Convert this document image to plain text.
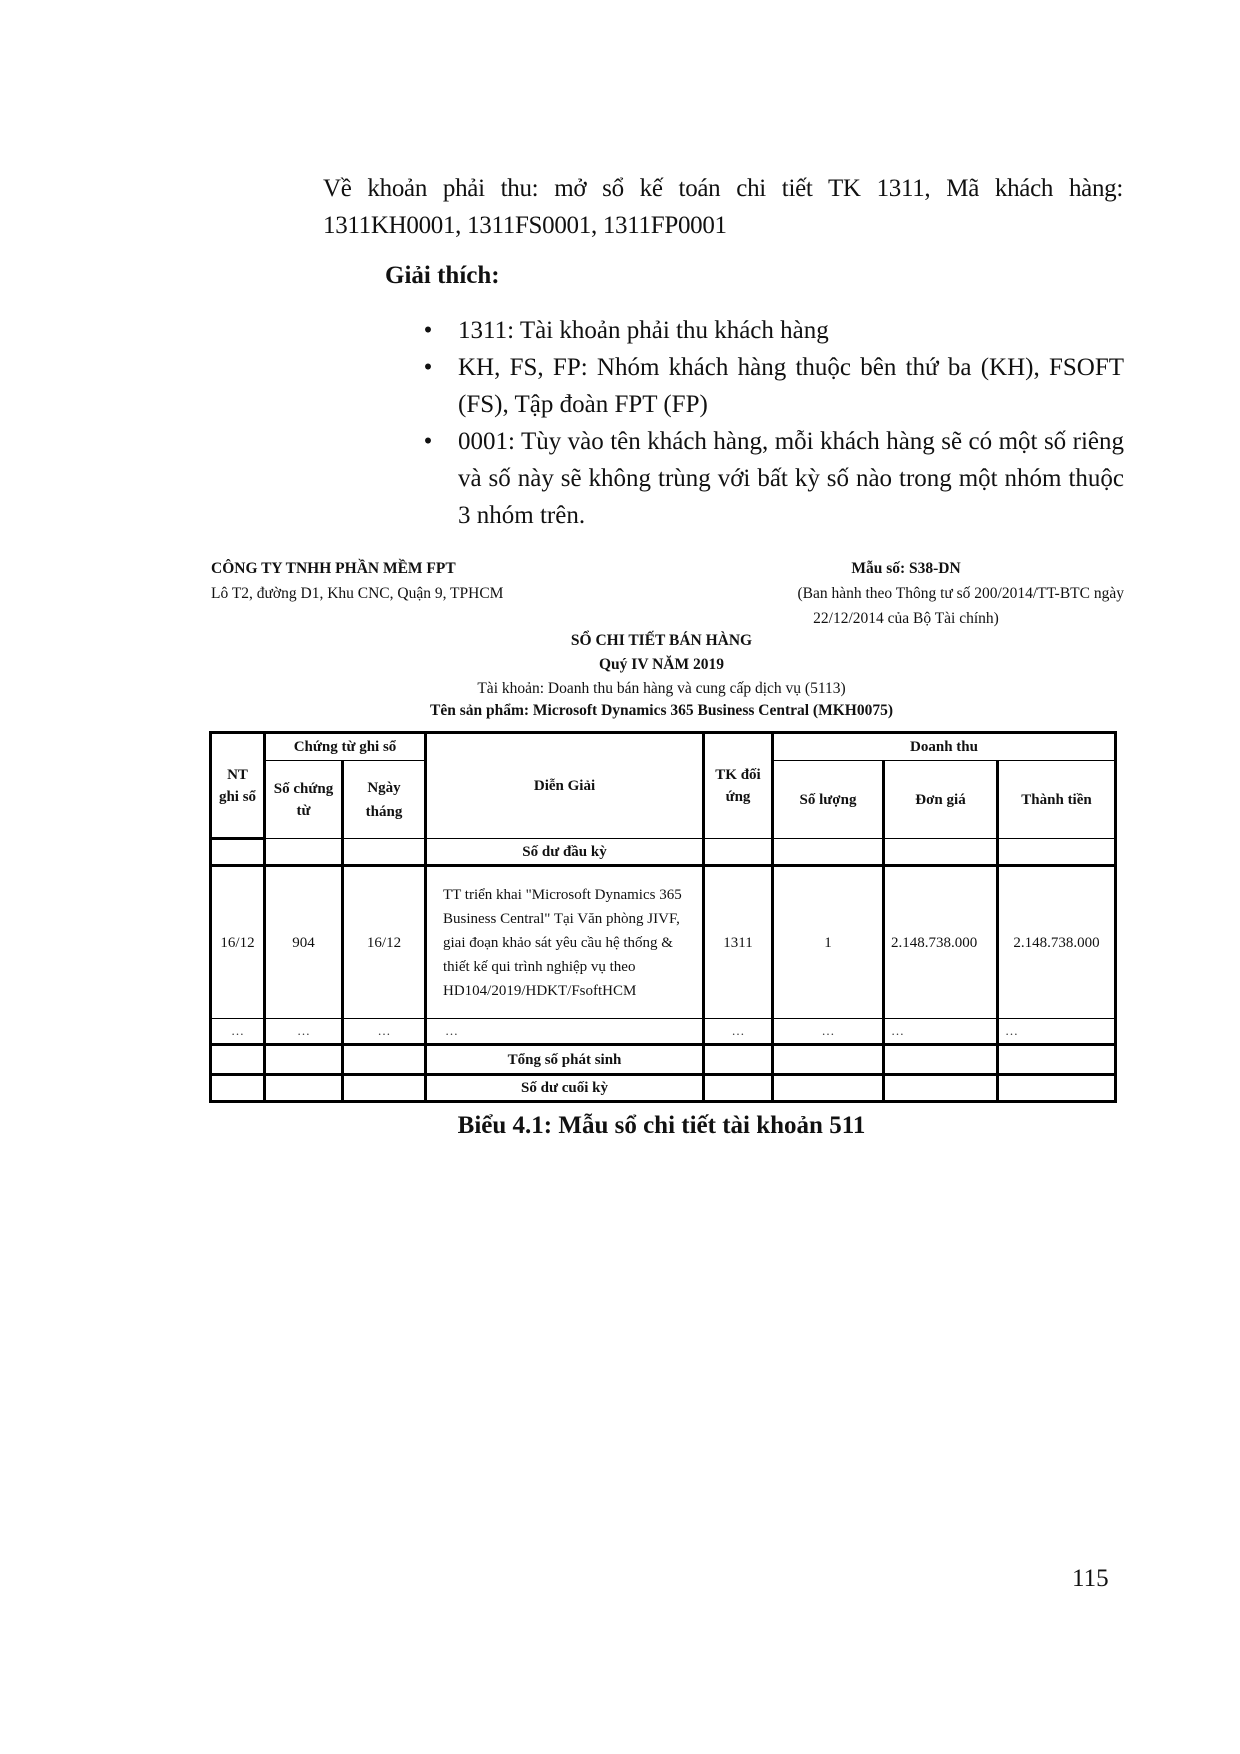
Về khoản phải thu: mở sổ kế toán chi tiết TK 1311, Mã khách hàng:
1311KH0001, 1311FS0001, 1311FP0001
Giải thích:
• 1311: Tài khoản phải thu khách hàng
• KH, FS, FP: Nhóm khách hàng thuộc bên thứ ba (KH), FSOFT (FS), Tập đoàn FPT (FP)
• 0001: Tùy vào tên khách hàng, mỗi khách hàng sẽ có một số riêng và số này sẽ không trùng với bất kỳ số nào trong một nhóm thuộc 3 nhóm trên.
CÔNG TY TNHH PHẦN MỀM FPT
Lô T2, đường D1, Khu CNC, Quận 9, TPHCM
Mẫu số: S38-DN
(Ban hành theo Thông tư số 200/2014/TT-BTC ngày
22/12/2014 của Bộ Tài chính)
SỔ CHI TIẾT BÁN HÀNG
Quý IV NĂM 2019
Tài khoản: Doanh thu bán hàng và cung cấp dịch vụ (5113)
Tên sản phẩm: Microsoft Dynamics 365 Business Central (MKH0075)
NT ghi sổ	Chứng từ ghi sổ		Diễn Giải	TK đối ứng	Doanh thu		
	Số chứng từ	Ngày tháng			Số lượng	Đơn giá	Thành tiền
			Số dư đầu kỳ				
16/12	904	16/12	TT triển khai "Microsoft Dynamics 365 Business Central" Tại Văn phòng JIVF, giai đoạn khảo sát yêu cầu hệ thống & thiết kế qui trình nghiệp vụ theo HD104/2019/HDKT/FsoftHCM	1311	1	2.148.738.000	2.148.738.000
…	…	…	…	…	…	…	…
			Tổng số phát sinh				
			Số dư cuối kỳ				
Biểu 4.1: Mẫu sổ chi tiết tài khoản 511
115
